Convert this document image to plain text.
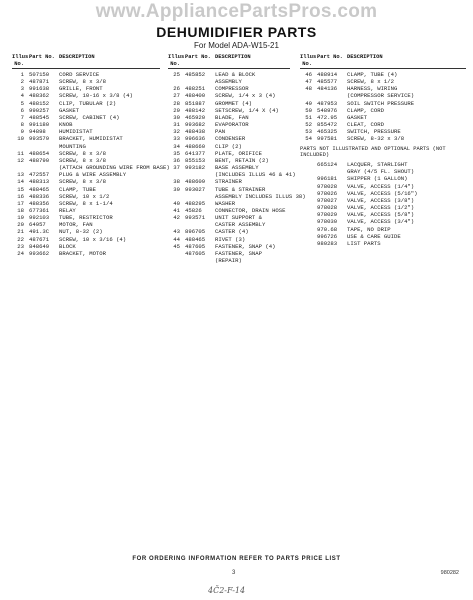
www.AppliancePartsPros.com
DEHUMIDIFIER PARTS
For Model ADA-W15-21
Illus. No.
Part No. DESCRIPTION
1 507150	CORD SERVICE
2 487871	SCREW, 8 x 3/8
3 991638	GRILLE, FRONT
4 488362	SCREW, 10-16 x 3/8 (4)
5 488152	CLIP, TUBULAR (2)
6 990257	GASKET
7 488545	SCREW, CABINET (4)
8 991180	KNOB
9 94898	HUMIDISTAT
10 993579	BRACKET, HUMIDISTAT
MOUNTING
11 488654	SCREW, 8 x 3/8
12 488790	SCREW, 8 x 3/8
(ATTACH GROUNDING WIRE FROM BASE)
13 472557	PLUG & WIRE ASSEMBLY
14 488313	SCREW, 8 x 3/8
15 488465	CLAMP, TUBE
16 488336	SCREW, 10 x 1/2
17 488356	SCREW, 8 x 1-1/4
18 677361	RELAY
19 992103	TUBE, RESTRICTOR
20 64957	MOTOR, FAN
21 491.3C	NUT, 8-32 (2)
22 487671	SCREW, 10 x 3/16 (4)
23 848649	BLOCK
24 993662	BRACKET, MOTOR
Illus. No.
Part No. DESCRIPTION
25 485852	LEAD & BLOCK
ASSEMBLY
26 488251	COMPRESSOR
27 488400	SCREW, 1/4 x 3 (4)
28 851887	GROMMET (4)
29 488142	SETSCREW, 1/4 X (4)
30 465920	BLADE, FAN
31 993682	EVAPORATOR
32 488438	PAN
33 996636	CONDENSER
34 488660	CLIP (2)
35 641377	PLATE, ORIFICE
36 855153	BENT, RETAIN (2)
37 993182	BASE ASSEMBLY
(INCLUDES ILLUS 46 & 41)
38 488609	STRAINER
39 993027	TUBE & STRAINER
ASSEMBLY INCLUDES ILLUS 38)
40 488295	WASHER
41 45826	CONNECTOR, DRAIN HOSE
42 993571	UNIT SUPPORT &
CASTER ASSEMBLY
43 896705	CASTER (4)
44 488465	RIVET (3)
45 487605	FASTENER, SNAP (4)
487605	FASTENER, SNAP
(REPAIR)
Illus. No.
Part No. DESCRIPTION
46 488914	CLAMP, TUBE (4)
47 485577	SCREW, 8 x 1/2
48 484136	HARNESS, WIRING
(COMPRESSOR SERVICE)
49 487953	SOIL SWITCH PRESSURE
50 548976	CLAMP, CORD
51 472.95	GASKET
52 855472	CLEAT, CORD
53 465325	SWITCH, PRESSURE
54 997581	SCREW, 8-32 x 3/8
PARTS NOT ILLUSTRATED AND OPTIONAL PARTS (NOT INCLUDED)
665124	LACQUER, STARLIGHT
GRAY (4/5 FL. SHOUT)
996181	SHIPPER (1 GALLON)
978028	VALVE, ACCESS (1/4")
978026	VALVE, ACCESS (5/16")
978027	VALVE, ACCESS (3/8")
978028	VALVE, ACCESS (1/2")
978029	VALVE, ACCESS (5/8")
978030	VALVE, ACCESS (3/4")
970.68	TAPE, NO DRIP
996726	USE & CARE GUIDE
980283	LIST PARTS
FOR ORDERING INFORMATION REFER TO PARTS PRICE LIST
3	980282
4Č2-F-14
